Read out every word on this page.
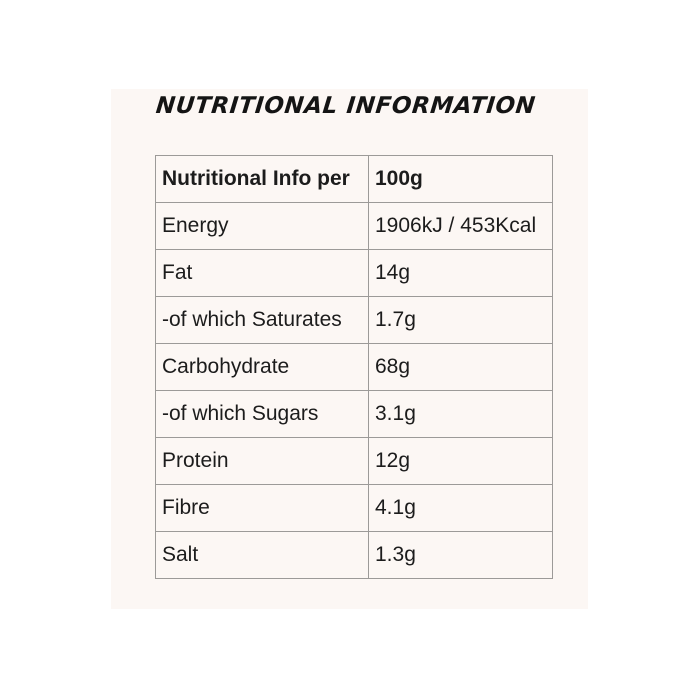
NUTRITIONAL INFORMATION
Nutritional Info per	100g
Energy	1906kJ / 453Kcal
Fat	14g
-of which Saturates	1.7g
Carbohydrate	68g
-of which Sugars	3.1g
Protein	12g
Fibre	4.1g
Salt	1.3g
